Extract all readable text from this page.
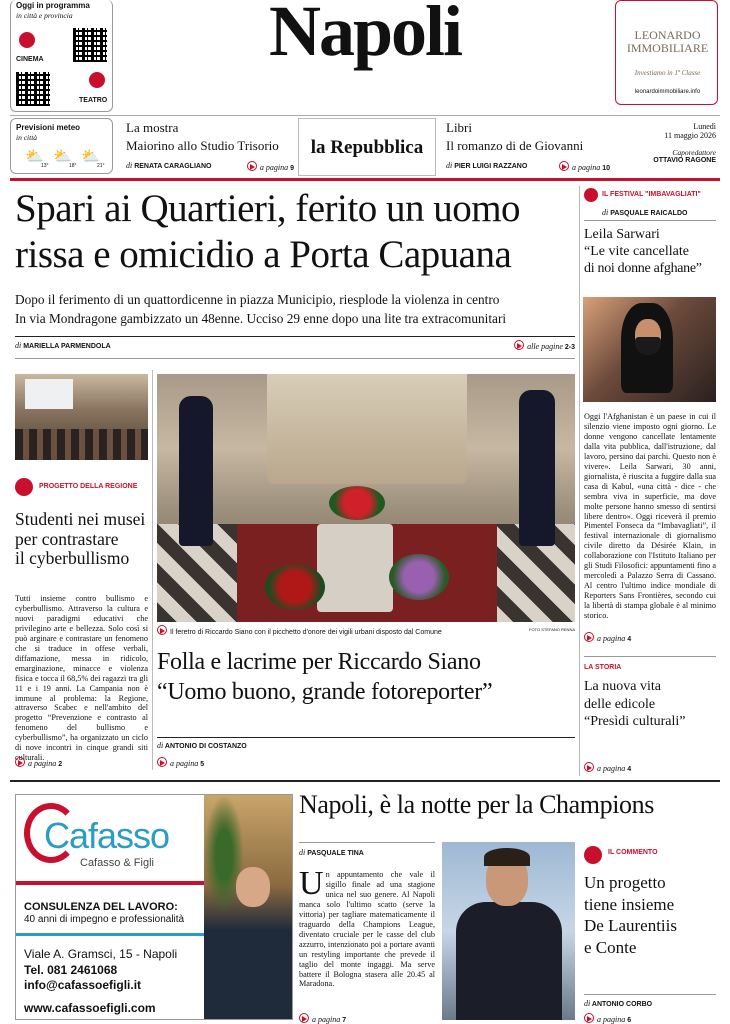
Oggi in programma
in città e provincia
CINEMA
TEATRO
Napoli	LEONARDO IMMOBILIARE
Investiamo in 1ª Classe
leonardoimmobiliare.info
Previsioni meteo
in città
⛅ ⛅ ⛅
13°	18°	21°
La mostra
Maiorino allo Studio Trisorio
di RENATA CARAGLIANO	a pagina 9
la Repubblica
Libri
Il romanzo di de Giovanni
di PIER LUIGI RAZZANO	a pagina 10
Lunedì
11 maggio 2026
Caporedattore
OTTAVIO RAGONE
Spari ai Quartieri, ferito un uomo
rissa e omicidio a Porta Capuana
Dopo il ferimento di un quattordicenne in piazza Municipio, riesplode la violenza in centro
In via Mondragone gambizzato un 48enne. Ucciso 29 enne dopo una lite tra extracomunitari
di MARIELLA PARMENDOLA	alle pagine 2-3
IL FESTIVAL "IMBAVAGLIATI"
di PASQUALE RAICALDO
Leila Sarwari
“Le vite cancellate
di noi donne afghane”
Oggi l'Afghanistan è un paese in cui il silenzio viene imposto ogni giorno. Le donne vengono cancellate lentamente dalla vita pubblica, dall'istruzione, dal lavoro, persino dai parchi. Questo non è vivere». Leila Sarwari, 30 anni, giornalista, è riuscita a fuggire dalla sua casa di Kabul, «una città - dice - che sembra viva in superficie, ma dove molte persone hanno smesso di sentirsi libere dentro». Oggi riceverà il premio Pimentel Fonseca da “Imbavagliati”, il festival internazionale di giornalismo civile diretto da Désirée Klain, in collaborazione con l'Istituto Italiano per gli Studi Filosofici: appuntamenti fino a mercoledì a Palazzo Serra di Cassano. Al centro l'ultimo indice mondiale di Reporters Sans Frontières, secondo cui la libertà di stampa globale è al minimo storico.
a pagina 4
LA STORIA
La nuova vita
delle edicole
“Presìdi culturali”
a pagina 4
PROGETTO DELLA REGIONE
Studenti nei musei
per contrastare
il cyberbullismo
Tutti insieme contro bullismo e cyberbullismo. Attraverso la cultura e nuovi paradigmi educativi che privilegino arte e bellezza. Solo così si può arginare e contrastare un fenomeno che si traduce in offese verbali, diffamazione, messa in ridicolo, emarginazione, minacce e violenza fisica e tocca il 68,5% dei ragazzi tra gli 11 e i 19 anni. La Campania non è immune al problema: la Regione, attraverso Scabec e nell'ambito del progetto “Prevenzione e contrasto al fenomeno del bullismo e cyberbullismo”, ha organizzato un ciclo di nove incontri in cinque grandi siti culturali.
a pagina 2
Il feretro di Riccardo Siano con il picchetto d'onore dei vigili urbani disposto dal Comune	FOTO STEFANO RENNA
Folla e lacrime per Riccardo Siano
“Uomo buono, grande fotoreporter”
di ANTONIO DI COSTANZO
a pagina 5
Cafasso
Cafasso & Figli
CONSULENZA DEL LAVORO:
40 anni di impegno e professionalità
Viale A. Gramsci, 15 - Napoli
Tel. 081 2461068
info@cafassoefigli.it
www.cafassoefigli.com
Napoli, è la notte per la Champions
di PASQUALE TINA
Un appuntamento che vale il sigillo finale ad una stagione unica nel suo genere. Al Napoli manca solo l'ultimo scatto (serve la vittoria) per tagliare matematicamente il traguardo della Champions League, diventato cruciale per le casse del club azzurro, intenzionato poi a portare avanti un restyling importante che prevede il taglio del monte ingaggi. Ma serve battere il Bologna stasera alle 20.45 al Maradona.
a pagina 7
IL COMMENTO
Un progetto
tiene insieme
De Laurentiis
e Conte
di ANTONIO CORBO
a pagina 6
